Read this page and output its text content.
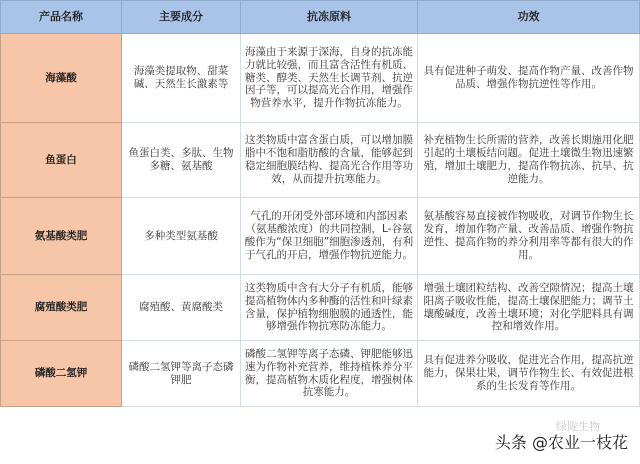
产品名称	主要成分	抗冻原料	功效
海藻酸	海藻类提取物、甜菜碱、天然生长激素等	海藻由于来源于深海，自身的抗冻能力就比较强，而且富含活性有机质、糖类、醇类、天然生长调节剂、抗逆因子等，可以提高光合作用，增强作物营养水平，提升作物抗冻能力。	具有促进种子萌发、提高作物产量、改善作物品质、增强作物抗逆性等作用。
鱼蛋白	鱼蛋白类、多肽、生物多糖、氨基酸	这类物质中富含蛋白质，可以增加膜脂中不饱和脂肪酸的含量，能够起到稳定细胞膜结构、提高光合作用等功效，从而提升抗寒能力。	补充植物生长所需的营养，改善长期施用化肥引起的土壤板结问题。促进土壤微生物迅速繁殖，增加土壤肥力，提高作物抗冻、抗旱、抗逆能力。
氨基酸类肥	多种类型氨基酸	气孔的开闭受外部环境和内部因素（氨基酸浓度）的共同控制，L-谷氨酸作为“保卫细胞”细胞渗透剂，有利于气孔的开启，增强作物抗逆能力。	氨基酸容易直接被作物吸收，对调节作物生长发育，增加作物产量、改善品质、增强作物抗逆性、提高作物的养分利用率等都有很大的作用。
腐殖酸类肥	腐殖酸、黄腐酸类	这类物质中含有大分子有机质，能够提高植物体内多种酶的活性和叶绿素含量，保护植物细胞膜的通透性，能够增强作物抗寒防冻能力。	增强土壤团粒结构、改善空隙情况；提高土壤阳离子吸收性能，提高土壤保肥能力；调节土壤酸碱度，改善土壤环境；对化学肥料具有调控和增效作用。
磷酸二氢钾	磷酸二氢钾等离子态磷钾肥	磷酸二氢钾等离子态磷、钾肥能够迅速为作物补充营养，维持植株养分平衡，提高植物木质化程度，增强树体抗寒能力。	具有促进养分吸收，促进光合作用，提高抗逆能力，保果壮果，调节作物生长、有效促进根系的生长发育等作用。
绿陇生物
头条 @农业一枝花
